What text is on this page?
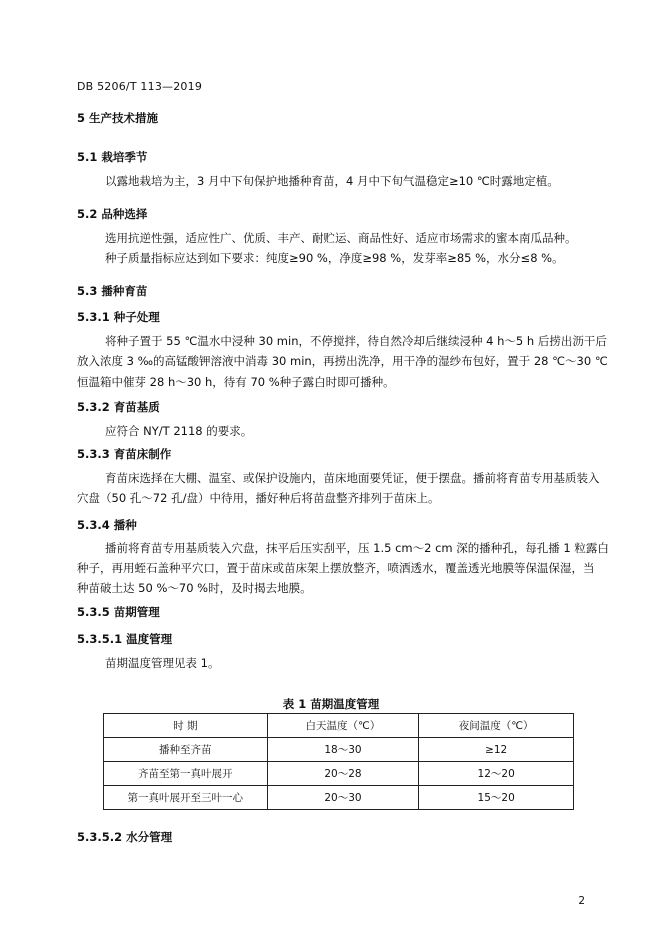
DB 5206/T 113—2019
5 生产技术措施
5.1 栽培季节
以露地栽培为主，3 月中下旬保护地播种育苗，4 月中下旬气温稳定≥10 ℃时露地定植。
5.2 品种选择
选用抗逆性强，适应性广、优质、丰产、耐贮运、商品性好、适应市场需求的蜜本南瓜品种。
种子质量指标应达到如下要求：纯度≥90 %，净度≥98 %，发芽率≥85 %，水分≤8 %。
5.3 播种育苗
5.3.1 种子处理
将种子置于 55 ℃温水中浸种 30 min，不停搅拌，待自然冷却后继续浸种 4 h～5 h 后捞出沥干后
放入浓度 3 ‰的高锰酸钾溶液中消毒 30 min，再捞出洗净，用干净的湿纱布包好，置于 28 ℃～30 ℃
恒温箱中催芽 28 h～30 h，待有 70 %种子露白时即可播种。
5.3.2 育苗基质
应符合 NY/T 2118 的要求。
5.3.3 育苗床制作
育苗床选择在大棚、温室、或保护设施内，苗床地面要凭证，便于摆盘。播前将育苗专用基质装入
穴盘（50 孔～72 孔/盘）中待用，播好种后将苗盘整齐排列于苗床上。
5.3.4 播种
播前将育苗专用基质装入穴盘，抹平后压实刮平，压 1.5 cm～2 cm 深的播种孔，每孔播 1 粒露白
种子，再用蛭石盖种平穴口，置于苗床或苗床架上摆放整齐，喷洒透水，覆盖透光地膜等保温保湿，当
种苗破土达 50 %～70 %时，及时揭去地膜。
5.3.5 苗期管理
5.3.5.1 温度管理
苗期温度管理见表 1。
表 1 苗期温度管理
时 期	白天温度（℃）	夜间温度（℃）
播种至齐苗	18～30	≥12
齐苗至第一真叶展开	20～28	12～20
第一真叶展开至三叶一心	20～30	15～20
5.3.5.2 水分管理
2
